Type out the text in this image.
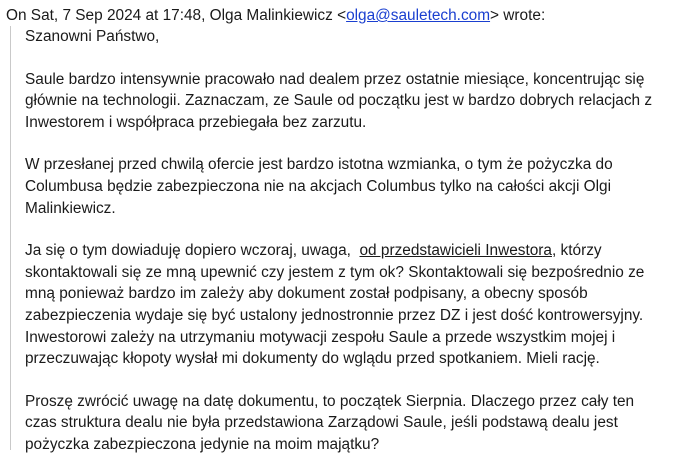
On Sat, 7 Sep 2024 at 17:48, Olga Malinkiewicz <olga@sauletech.com> wrote:

Szanowni Państwo,

Saule bardzo intensywnie pracowało nad dealem przez ostatnie miesiące, koncentrując się głównie na technologii. Zaznaczam, ze Saule od początku jest w bardzo dobrych relacjach z Inwestorem i współpraca przebiegała bez zarzutu.

W przesłanej przed chwilą ofercie jest bardzo istotna wzmianka, o tym że pożyczka do Columbusa będzie zabezpieczona nie na akcjach Columbus tylko na całości akcji Olgi Malinkiewicz.

Ja się o tym dowiaduję dopiero wczoraj, uwaga,  od przedstawicieli Inwestora, którzy skontaktowali się ze mną upewnić czy jestem z tym ok? Skontaktowali się bezpośrednio ze mną ponieważ bardzo im zależy aby dokument został podpisany, a obecny sposób zabezpieczenia wydaje się być ustalony jednostronnie przez DZ i jest dość kontrowersyjny. Inwestorowi zależy na utrzymaniu motywacji zespołu Saule a przede wszystkim mojej i przeczuwając kłopoty wysłał mi dokumenty do wglądu przed spotkaniem. Mieli rację.

Proszę zwrócić uwagę na datę dokumentu, to początek Sierpnia. Dlaczego przez cały ten czas struktura dealu nie była przedstawiona Zarządowi Saule, jeśli podstawą dealu jest pożyczka zabezpieczona jedynie na moim majątku?
